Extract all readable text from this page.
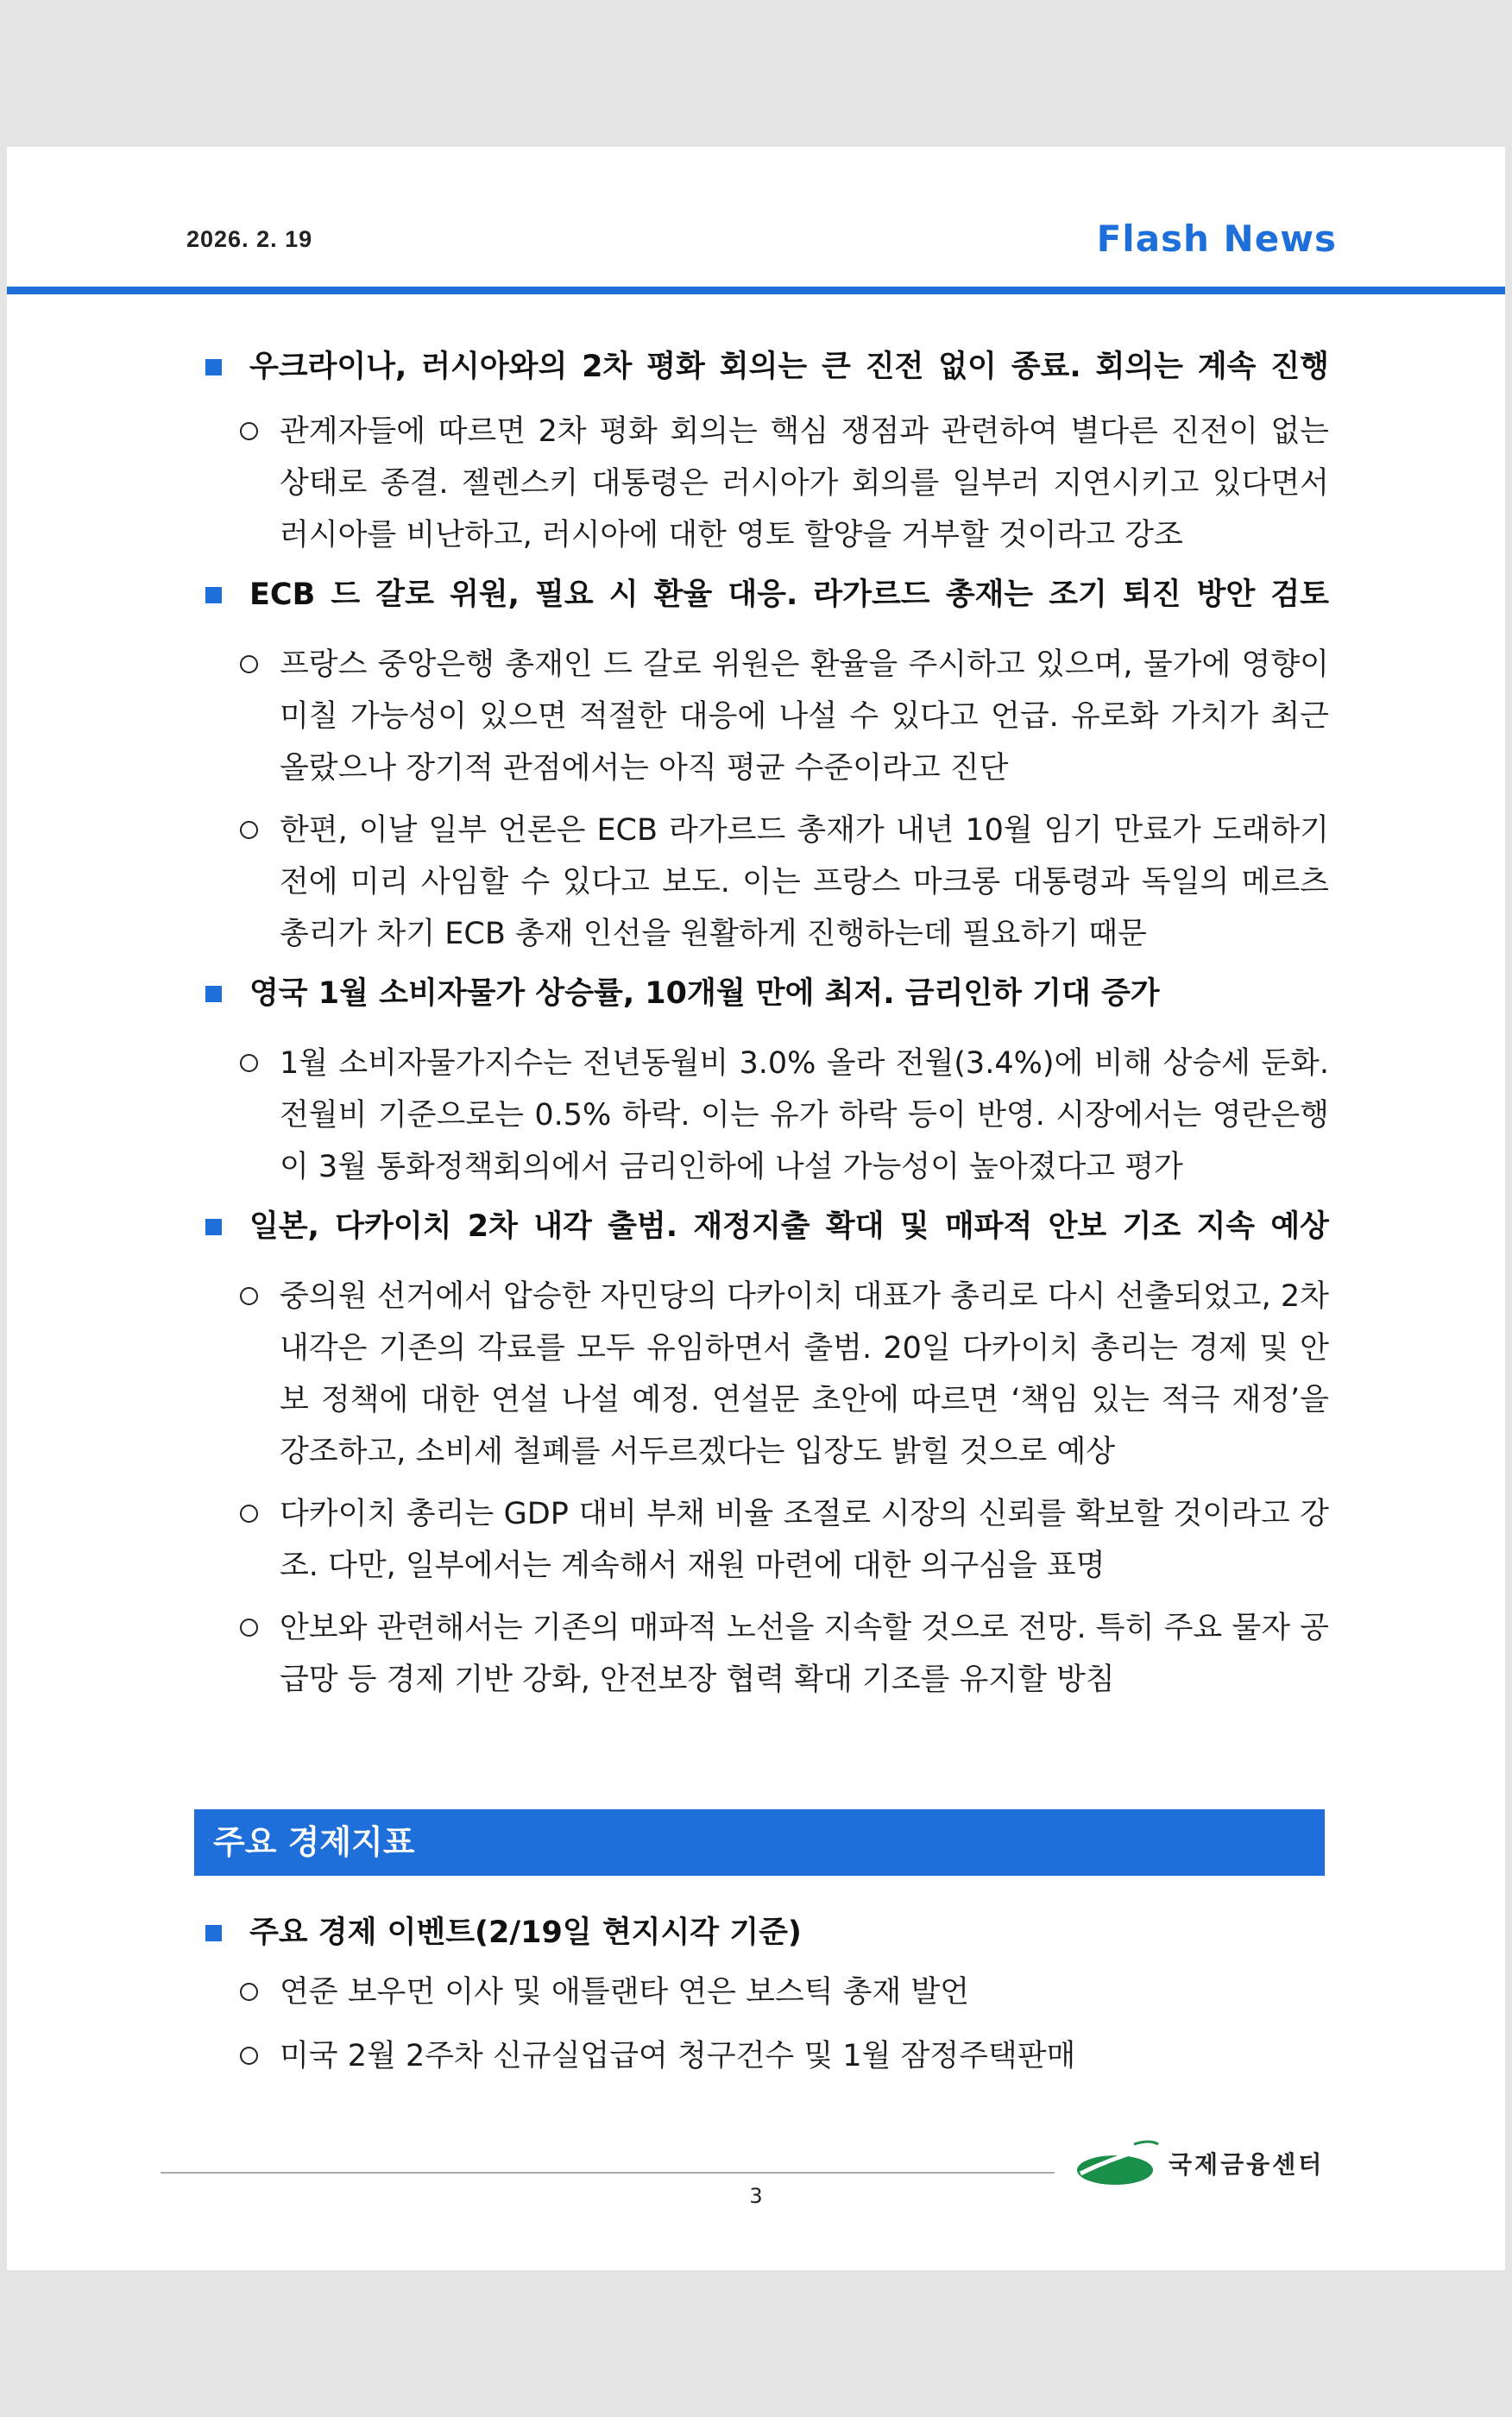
2026. 2. 19	Flash News

우크라이나, 러시아와의 2차 평화 회의는 큰 진전 없이 종료. 회의는 계속 진행

관계자들에 따르면 2차 평화 회의는 핵심 쟁점과 관련하여 별다른 진전이 없는 상태로 종결. 젤렌스키 대통령은 러시아가 회의를 일부러 지연시키고 있다면서 러시아를 비난하고, 러시아에 대한 영토 할양을 거부할 것이라고 강조

ECB 드 갈로 위원, 필요 시 환율 대응. 라가르드 총재는 조기 퇴진 방안 검토

프랑스 중앙은행 총재인 드 갈로 위원은 환율을 주시하고 있으며, 물가에 영향이 미칠 가능성이 있으면 적절한 대응에 나설 수 있다고 언급. 유로화 가치가 최근 올랐으나 장기적 관점에서는 아직 평균 수준이라고 진단

한편, 이날 일부 언론은 ECB 라가르드 총재가 내년 10월 임기 만료가 도래하기 전에 미리 사임할 수 있다고 보도. 이는 프랑스 마크롱 대통령과 독일의 메르츠 총리가 차기 ECB 총재 인선을 원활하게 진행하는데 필요하기 때문

영국 1월 소비자물가 상승률, 10개월 만에 최저. 금리인하 기대 증가

1월 소비자물가지수는 전년동월비 3.0% 올라 전월(3.4%)에 비해 상승세 둔화. 전월비 기준으로는 0.5% 하락. 이는 유가 하락 등이 반영. 시장에서는 영란은행이 3월 통화정책회의에서 금리인하에 나설 가능성이 높아졌다고 평가

일본, 다카이치 2차 내각 출범. 재정지출 확대 및 매파적 안보 기조 지속 예상

중의원 선거에서 압승한 자민당의 다카이치 대표가 총리로 다시 선출되었고, 2차 내각은 기존의 각료를 모두 유임하면서 출범. 20일 다카이치 총리는 경제 및 안보 정책에 대한 연설 나설 예정. 연설문 초안에 따르면 ‘책임 있는 적극 재정’을 강조하고, 소비세 철폐를 서두르겠다는 입장도 밝힐 것으로 예상

다카이치 총리는 GDP 대비 부채 비율 조절로 시장의 신뢰를 확보할 것이라고 강조. 다만, 일부에서는 계속해서 재원 마련에 대한 의구심을 표명

안보와 관련해서는 기존의 매파적 노선을 지속할 것으로 전망. 특히 주요 물자 공급망 등 경제 기반 강화, 안전보장 협력 확대 기조를 유지할 방침

주요 경제지표

주요 경제 이벤트(2/19일 현지시각 기준)

연준 보우먼 이사 및 애틀랜타 연은 보스틱 총재 발언

미국 2월 2주차 신규실업급여 청구건수 및 1월 잠정주택판매

국제금융센터
3
